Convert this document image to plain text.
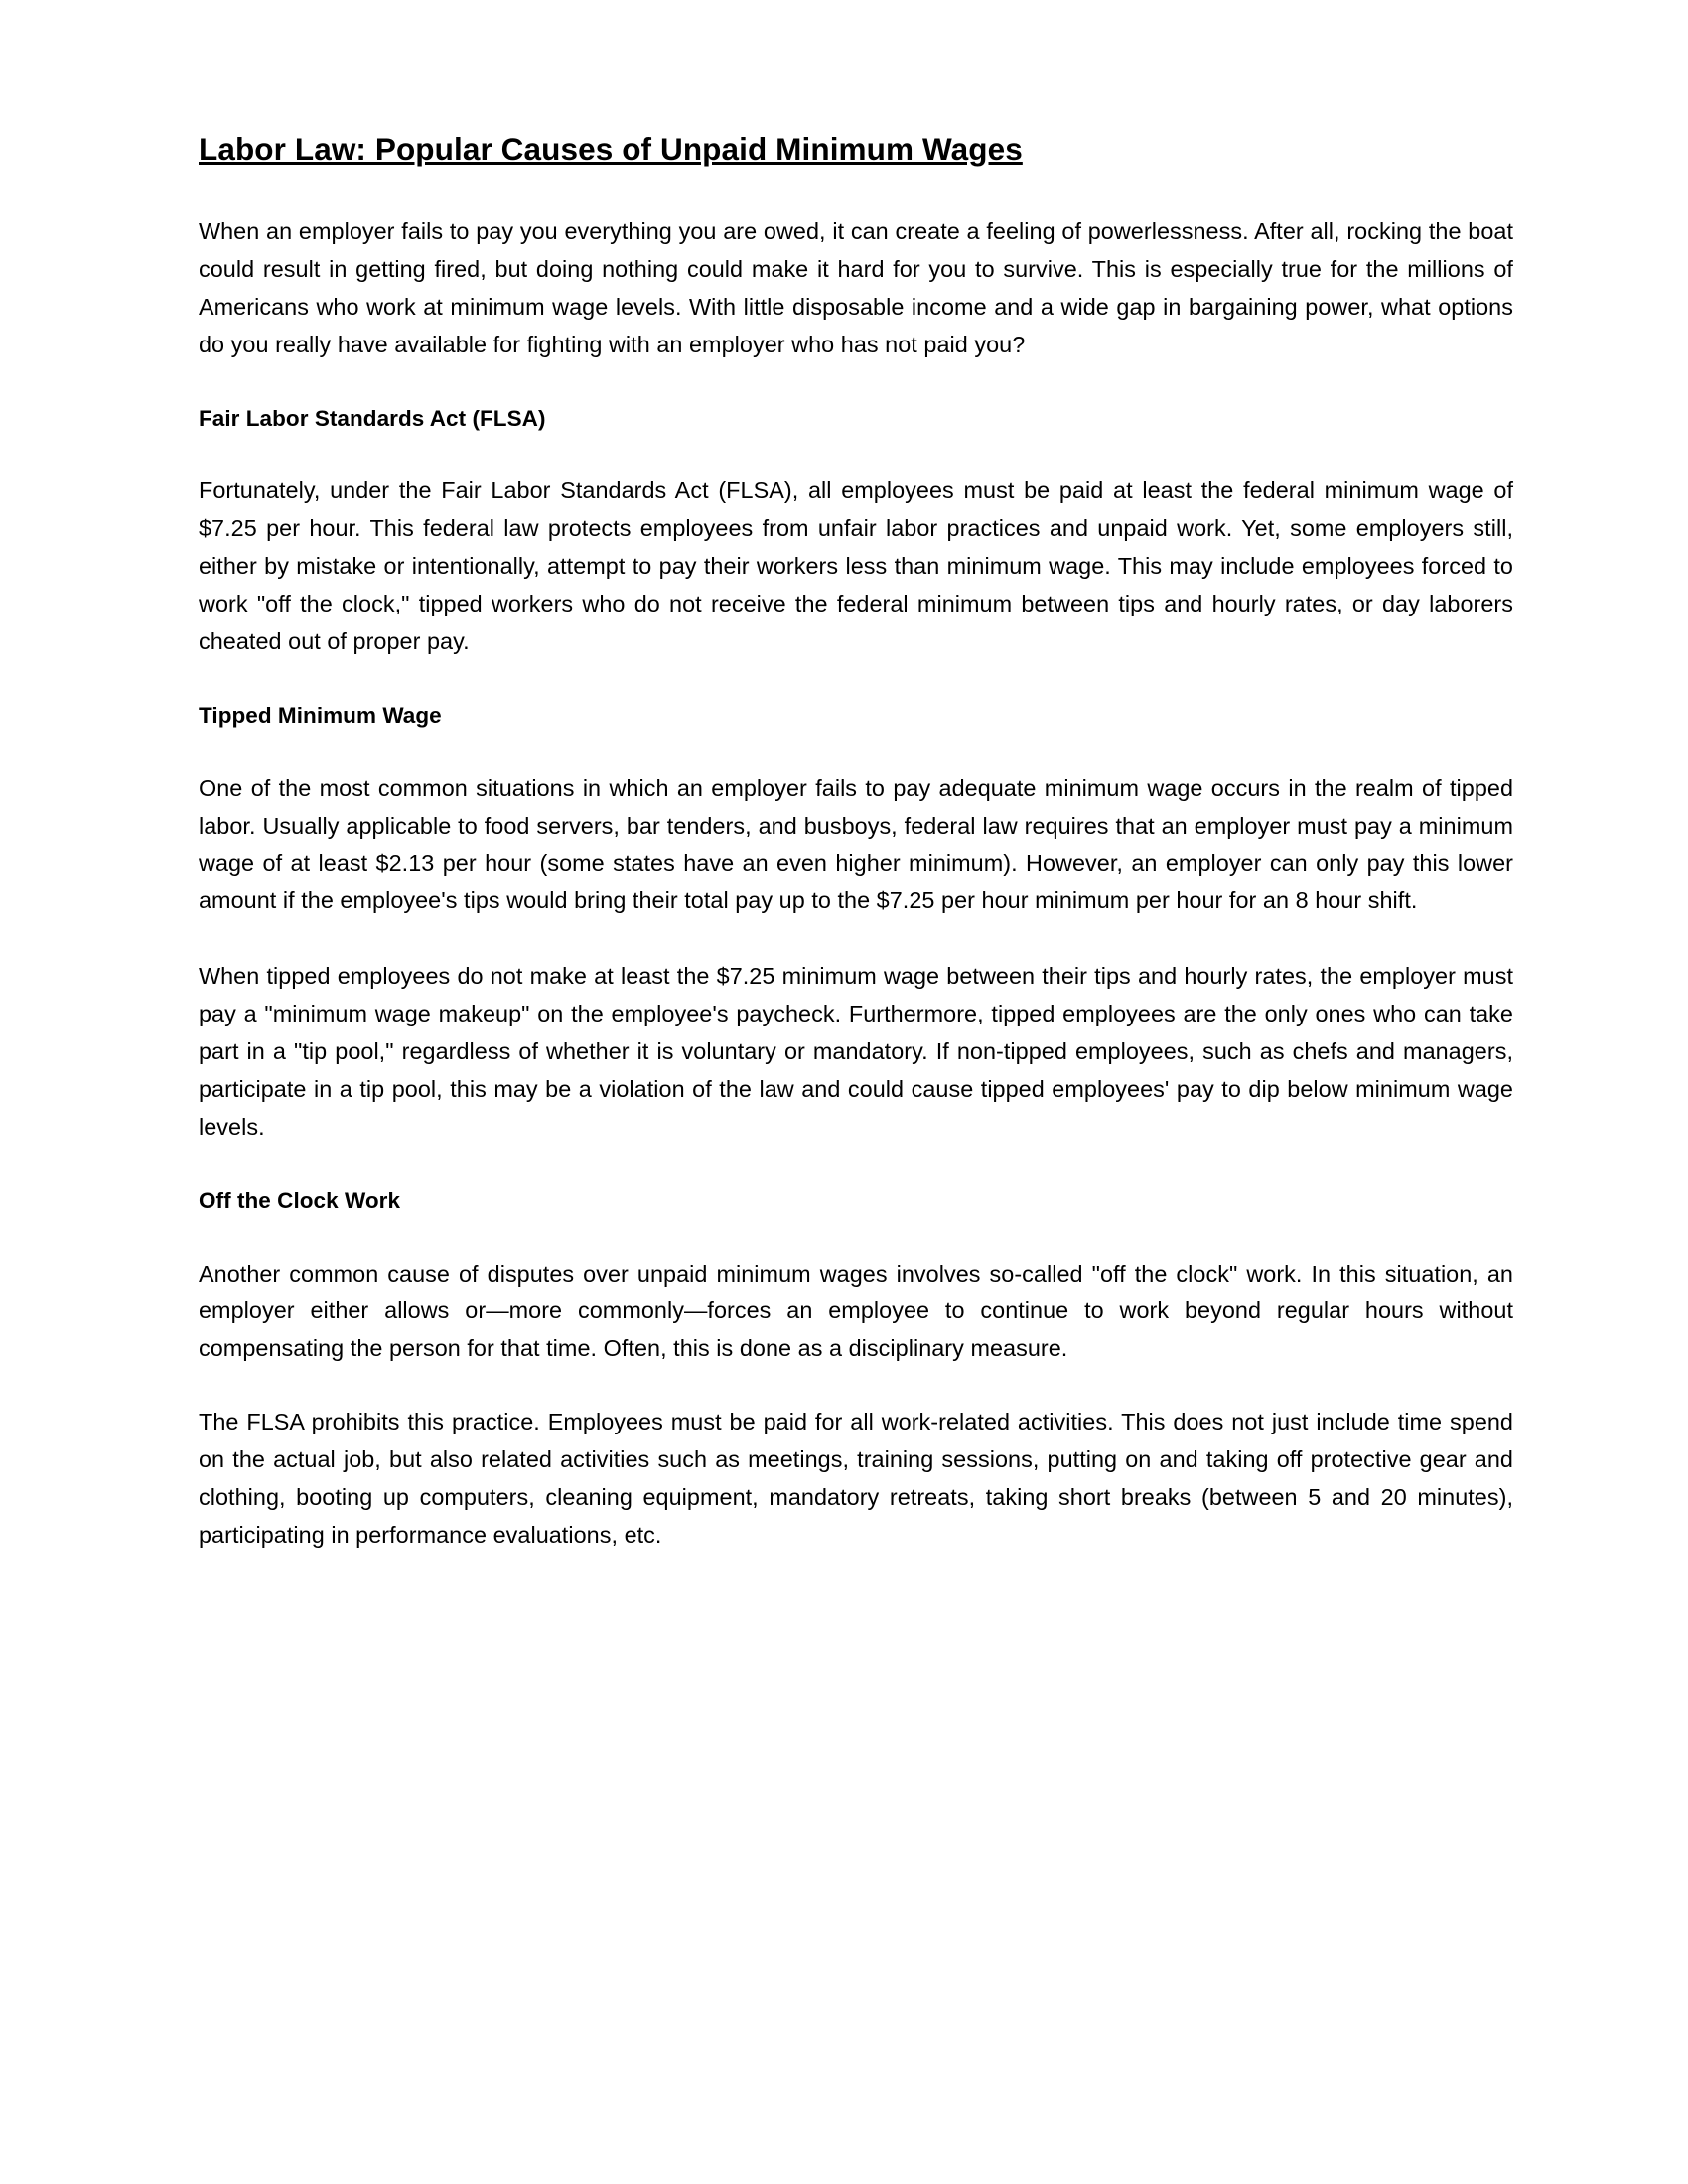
Labor Law: Popular Causes of Unpaid Minimum Wages

When an employer fails to pay you everything you are owed, it can create a feeling of powerlessness. After all, rocking the boat could result in getting fired, but doing nothing could make it hard for you to survive. This is especially true for the millions of Americans who work at minimum wage levels. With little disposable income and a wide gap in bargaining power, what options do you really have available for fighting with an employer who has not paid you?

Fair Labor Standards Act (FLSA)

Fortunately, under the Fair Labor Standards Act (FLSA), all employees must be paid at least the federal minimum wage of $7.25 per hour. This federal law protects employees from unfair labor practices and unpaid work. Yet, some employers still, either by mistake or intentionally, attempt to pay their workers less than minimum wage. This may include employees forced to work "off the clock," tipped workers who do not receive the federal minimum between tips and hourly rates, or day laborers cheated out of proper pay.

Tipped Minimum Wage

One of the most common situations in which an employer fails to pay adequate minimum wage occurs in the realm of tipped labor. Usually applicable to food servers, bar tenders, and busboys, federal law requires that an employer must pay a minimum wage of at least $2.13 per hour (some states have an even higher minimum). However, an employer can only pay this lower amount if the employee's tips would bring their total pay up to the $7.25 per hour minimum per hour for an 8 hour shift.

When tipped employees do not make at least the $7.25 minimum wage between their tips and hourly rates, the employer must pay a "minimum wage makeup" on the employee's paycheck. Furthermore, tipped employees are the only ones who can take part in a "tip pool," regardless of whether it is voluntary or mandatory. If non-tipped employees, such as chefs and managers, participate in a tip pool, this may be a violation of the law and could cause tipped employees' pay to dip below minimum wage levels.

Off the Clock Work

Another common cause of disputes over unpaid minimum wages involves so-called "off the clock" work. In this situation, an employer either allows or—more commonly—forces an employee to continue to work beyond regular hours without compensating the person for that time. Often, this is done as a disciplinary measure.

The FLSA prohibits this practice. Employees must be paid for all work-related activities. This does not just include time spend on the actual job, but also related activities such as meetings, training sessions, putting on and taking off protective gear and clothing, booting up computers, cleaning equipment, mandatory retreats, taking short breaks (between 5 and 20 minutes), participating in performance evaluations, etc.
